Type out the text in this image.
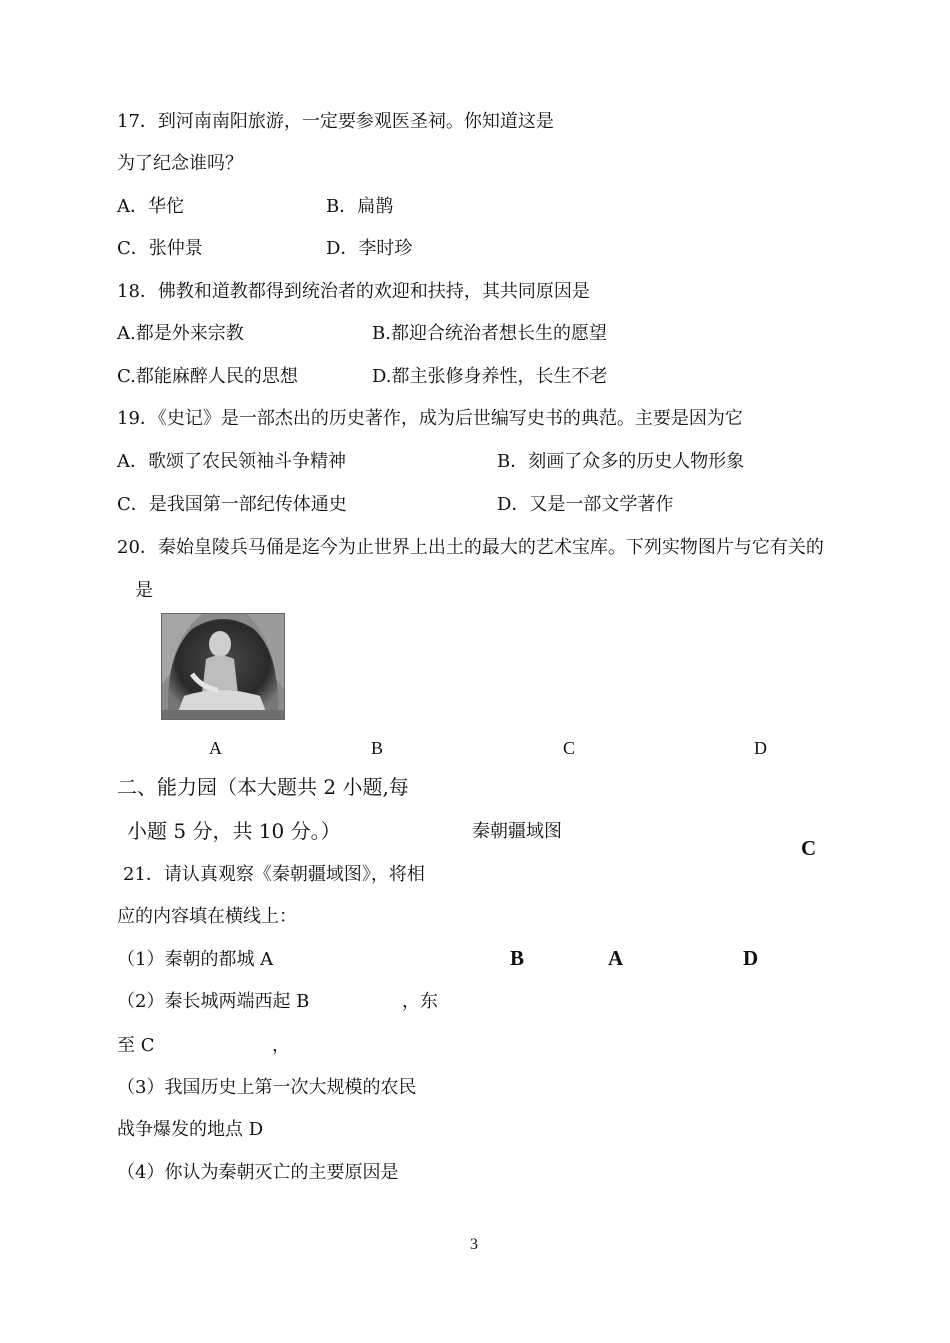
17．到河南南阳旅游，一定要参观医圣祠。你知道这是
为了纪念谁吗？
A．华佗	B．扁鹊
C．张仲景	D．李时珍
18．佛教和道教都得到统治者的欢迎和扶持，其共同原因是
A.都是外来宗教	B.都迎合统治者想长生的愿望
C.都能麻醉人民的思想	D.都主张修身养性，长生不老
19．《史记》是一部杰出的历史著作，成为后世编写史书的典范。主要是因为它
A．歌颂了农民领袖斗争精神	B．刻画了众多的历史人物形象
C．是我国第一部纪传体通史	D．又是一部文学著作
20．秦始皇陵兵马俑是迄今为止世界上出土的最大的艺术宝库。下列实物图片与它有关的
是
A	B	C	D
二、能力园（本大题共 2 小题,每
小题 5 分，共 10 分。）	秦朝疆域图
C
B	A	D
21．请认真观察《秦朝疆域图》，将相
应的内容填在横线上：
（1）秦朝的都城 A
（2）秦长城两端西起 B	，东
至 C	，
（3）我国历史上第一次大规模的农民
战争爆发的地点 D
（4）你认为秦朝灭亡的主要原因是
3
